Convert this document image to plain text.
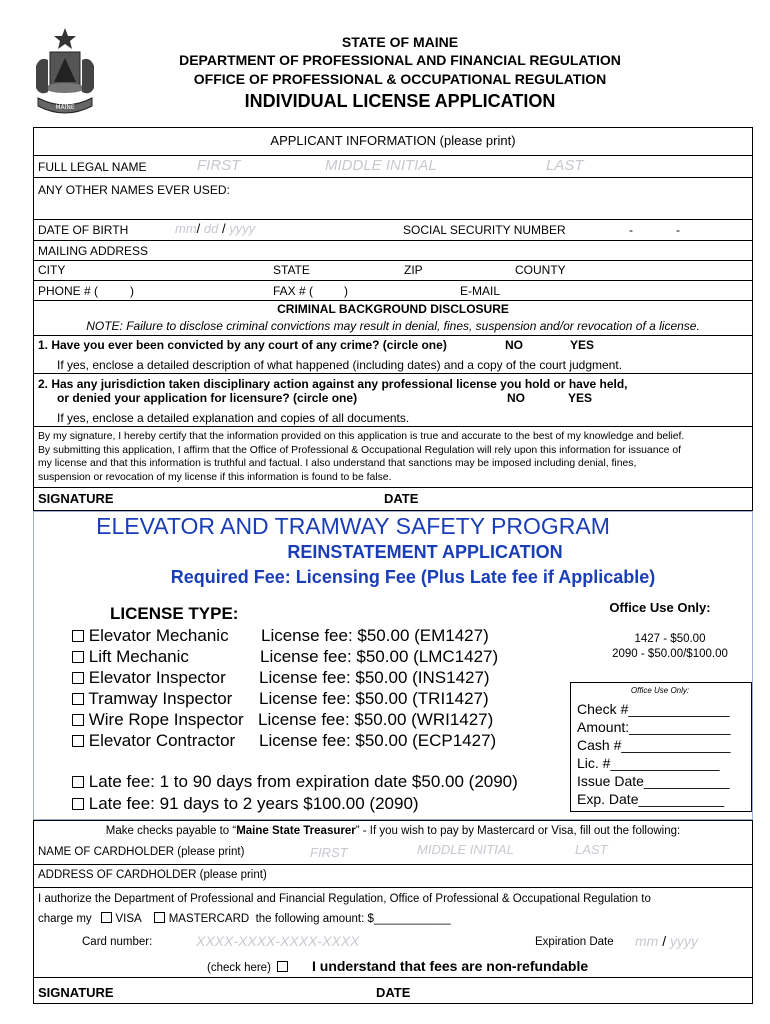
MAINE
STATE OF MAINE
DEPARTMENT OF PROFESSIONAL AND FINANCIAL REGULATION
OFFICE OF PROFESSIONAL & OCCUPATIONAL REGULATION
INDIVIDUAL LICENSE APPLICATION
APPLICANT INFORMATION (please print)
FULL LEGAL NAME	FIRST	MIDDLE INITIAL	LAST
ANY OTHER NAMES EVER USED:
DATE OF BIRTH	mm/ dd / yyyy	SOCIAL SECURITY NUMBER	-	-
MAILING ADDRESS
CITY	STATE	ZIP	COUNTY
PHONE # (	)	FAX # (	)	E-MAIL
CRIMINAL BACKGROUND DISCLOSURE
NOTE: Failure to disclose criminal convictions may result in denial, fines, suspension and/or revocation of a license.
1. Have you ever been convicted by any court of any crime? (circle one)	NO	YES
If yes, enclose a detailed description of what happened (including dates) and a copy of the court judgment.
2. Has any jurisdiction taken disciplinary action against any professional license you hold or have held,
or denied your application for licensure? (circle one)	NO	YES
If yes, enclose a detailed explanation and copies of all documents.
By my signature, I hereby certify that the information provided on this application is true and accurate to the best of my knowledge and belief.
By submitting this application, I affirm that the Office of Professional & Occupational Regulation will rely upon this information for issuance of
my license and that this information is truthful and factual. I also understand that sanctions may be imposed including denial, fines,
suspension or revocation of my license if this information is found to be false.
SIGNATURE	DATE
ELEVATOR AND TRAMWAY SAFETY PROGRAM
REINSTATEMENT APPLICATION
Required Fee: Licensing Fee (Plus Late fee if Applicable)
LICENSE TYPE:
Elevator Mechanic License fee: $50.00 (EM1427)
Lift Mechanic	License fee: $50.00 (LMC1427)
Elevator Inspector License fee: $50.00 (INS1427)
Tramway Inspector License fee: $50.00 (TRI1427)
Wire Rope Inspector License fee: $50.00 (WRI1427)
Elevator Contractor License fee: $50.00 (ECP1427)
Late fee: 1 to 90 days from expiration date $50.00 (2090)
Late fee: 91 days to 2 years $100.00 (2090)
Office Use Only:
1427 - $50.00
2090 - $50.00/$100.00
Office Use Only:
Check #_____________
Amount:_____________
Cash #______________
Lic. #______________
Issue Date___________
Exp. Date___________
Make checks payable to “Maine State Treasurer” - If you wish to pay by Mastercard or Visa, fill out the following:
NAME OF CARDHOLDER (please print)	FIRST	MIDDLE INITIAL	LAST
ADDRESS OF CARDHOLDER (please print)
I authorize the Department of Professional and Financial Regulation, Office of Professional & Occupational Regulation to
charge my VISA MASTERCARD the following amount: $____________
Card number:	XXXX-XXXX-XXXX-XXXX	Expiration Date mm / yyyy
(check here)	I understand that fees are non-refundable
SIGNATURE	DATE
